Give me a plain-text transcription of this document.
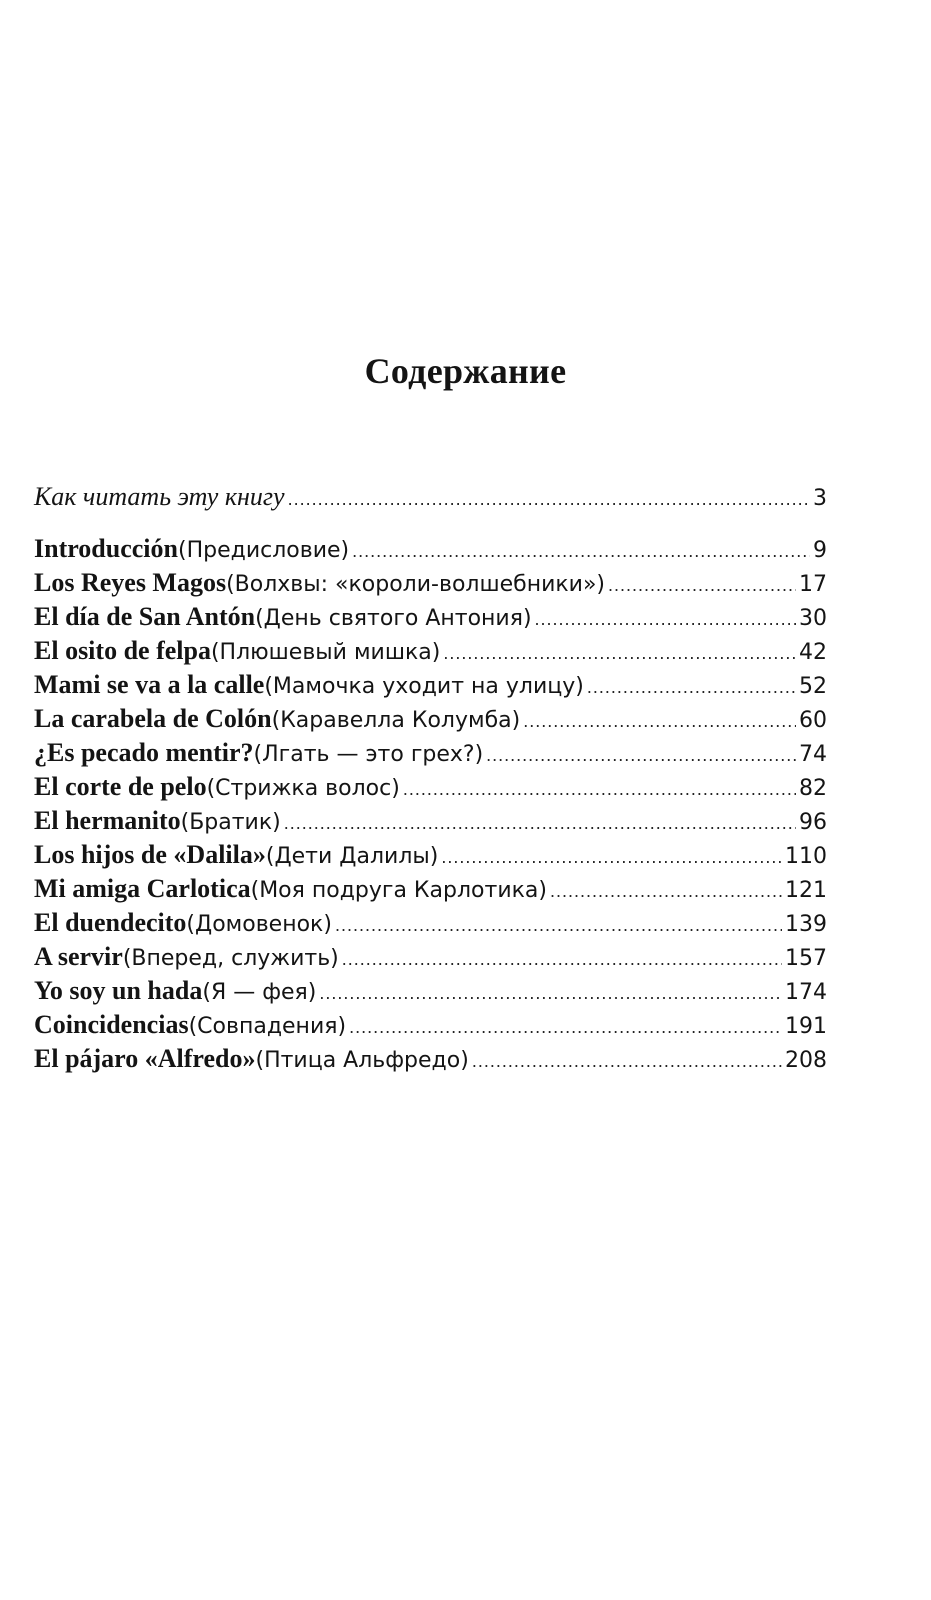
Содержание
Как читать эту книгу .....	3
Introducción (Предисловие) .....	9
Los Reyes Magos (Волхвы: «короли-волшебники») .....	17
El día de San Antón (День святого Антония) .....	30
El osito de felpa (Плюшевый мишка) .....	42
Mami se va a la calle (Мамочка уходит на улицу) .....	52
La carabela de Colón (Каравелла Колумба) .....	60
¿Es pecado mentir? (Лгать — это грех?) .....	74
El corte de pelo (Стрижка волос) .....	82
El hermanito (Братик) .....	96
Los hijos de «Dalila» (Дети Далилы) .....	110
Mi amiga Carlotica (Моя подруга Карлотика) .....	121
El duendecito (Домовенок) .....	139
A servir (Вперед, служить) .....	157
Yo soy un hada (Я — фея) .....	174
Coincidencias (Совпадения) .....	191
El pájaro «Alfredo» (Птица Альфредо) .....	208
